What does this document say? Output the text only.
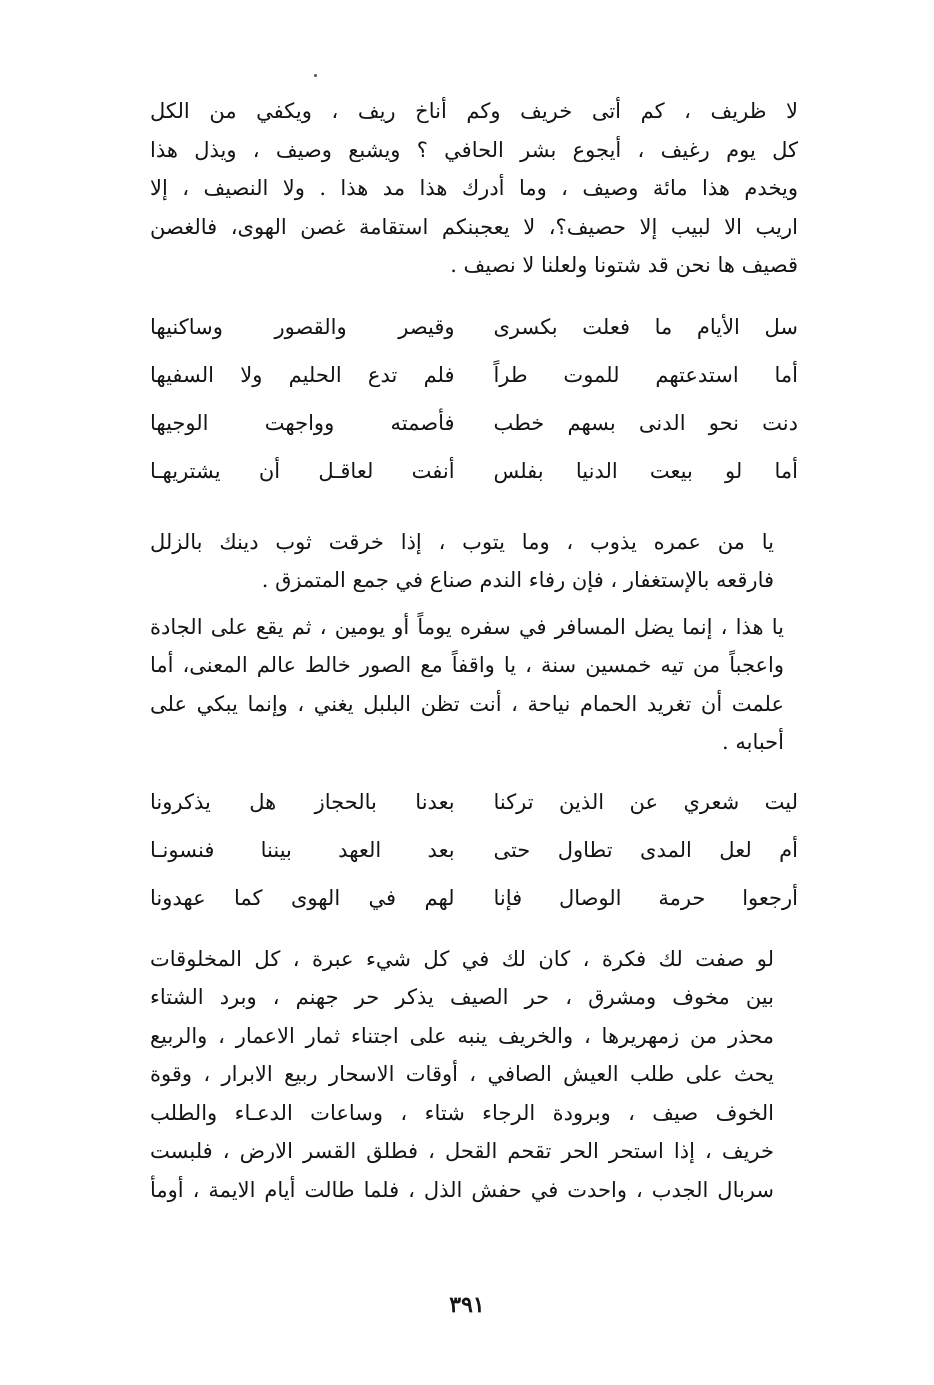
لا ظريف ، كم أتى خريف وكم أناخ ريف ، ويكفي من الكل
كل يوم رغيف ، أيجوع بشر الحافي ؟ ويشبع وصيف ، ويذل هذا
ويخدم هذا مائة وصيف ، وما أدرك هذا مد هذا . ولا النصيف ، إلا
اريب الا لبيب إلا حصيف؟، لا يعجبنكم استقامة غصن الهوى، فالغصن
قصيف ها نحن قد شتونا ولعلنا لا نصيف .
سل الأيام ما فعلت بكسرى
وقيصر والقصور وساكنيها
أما استدعتهم للموت طراً
فلم تدع الحليم ولا السفيها
دنت نحو الدنى بسهم خطب
فأصمته وواجهت الوجيها
أما لو بيعت الدنيا بفلس
أنفت لعاقـل أن يشتريهـا
يا من عمره يذوب ، وما يتوب ، إذا خرقت ثوب دينك بالزلل
فارقعه بالإستغفار ، فإن رفاء الندم صناع في جمع المتمزق .
يا هذا ، إنما يضل المسافر في سفره يوماً أو يومين ، ثم يقع على الجادة
واعجباً من تيه خمسين سنة ، يا واقفاً مع الصور خالط عالم المعنى، أما
علمت أن تغريد الحمام نياحة ، أنت تظن البلبل يغني ، وإنما يبكي على
أحبابه .
ليت شعري عن الذين تركنا
بعدنا بالحجاز هل يذكرونا
أم لعل المدى تطاول حتى
بعد العهد بيننا فنسونـا
أرجعوا حرمة الوصال فإنا
لهم في الهوى كما عهدونا
لو صفت لك فكرة ، كان لك في كل شيء عبرة ، كل المخلوقات
بين مخوف ومشرق ، حر الصيف يذكر حر جهنم ، وبرد الشتاء
محذر من زمهريرها ، والخريف ينبه على اجتناء ثمار الاعمار ، والربيع
يحث على طلب العيش الصافي ، أوقات الاسحار ربيع الابرار ، وقوة
الخوف صيف ، وبرودة الرجاء شتاء ، وساعات الدعـاء والطلب
خريف ، إذا استحر الحر تقحم القحل ، فطلق القسر الارض ، فلبست
سربال الجدب ، واحدت في حفش الذل ، فلما طالت أيام الايمة ، أومأ
٣٩١
